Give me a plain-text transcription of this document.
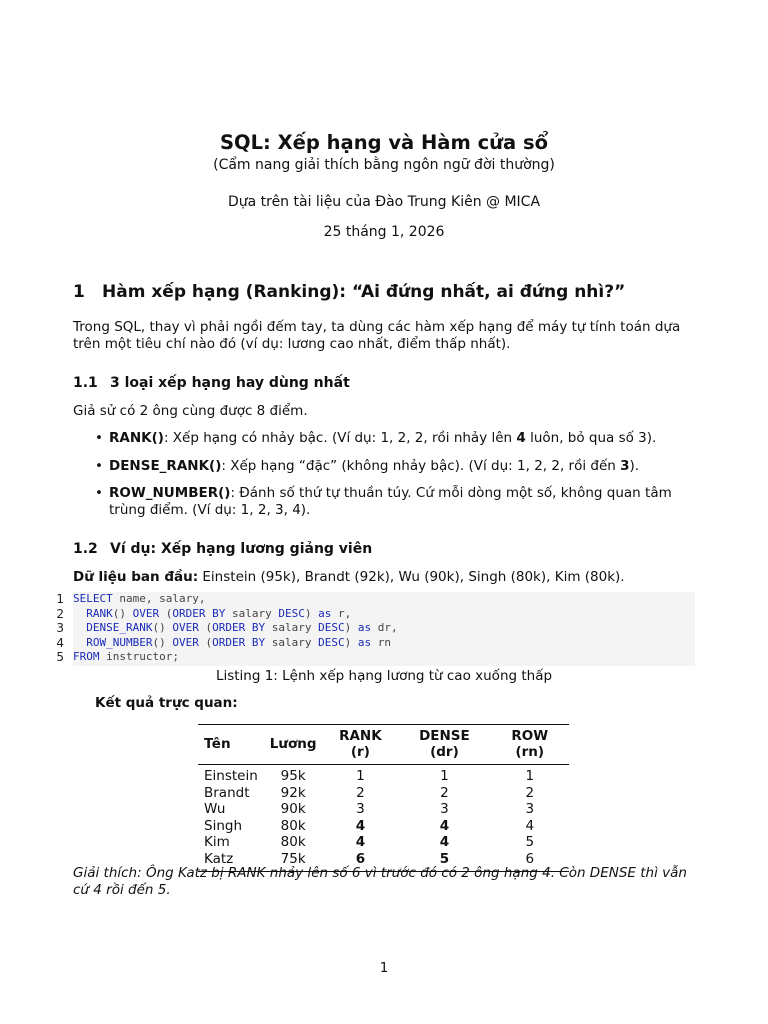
SQL: Xếp hạng và Hàm cửa sổ
(Cẩm nang giải thích bằng ngôn ngữ đời thường)
Dựa trên tài liệu của Đào Trung Kiên @ MICA
25 tháng 1, 2026
1 Hàm xếp hạng (Ranking): “Ai đứng nhất, ai đứng nhì?”
Trong SQL, thay vì phải ngồi đếm tay, ta dùng các hàm xếp hạng để máy tự tính toán dựa trên một tiêu chí nào đó (ví dụ: lương cao nhất, điểm thấp nhất).
1.1 3 loại xếp hạng hay dùng nhất
Giả sử có 2 ông cùng được 8 điểm.
• RANK(): Xếp hạng có nhảy bậc. (Ví dụ: 1, 2, 2, rồi nhảy lên 4 luôn, bỏ qua số 3).
• DENSE_RANK(): Xếp hạng “đặc” (không nhảy bậc). (Ví dụ: 1, 2, 2, rồi đến 3).
• ROW_NUMBER(): Đánh số thứ tự thuần túy. Cứ mỗi dòng một số, không quan tâm trùng điểm. (Ví dụ: 1, 2, 3, 4).
1.2 Ví dụ: Xếp hạng lương giảng viên
Dữ liệu ban đầu: Einstein (95k), Brandt (92k), Wu (90k), Singh (80k), Kim (80k).
1
2
3
4
5
SELECT name, salary,
RANK() OVER (ORDER BY salary DESC) as r,
DENSE_RANK() OVER (ORDER BY salary DESC) as dr,
ROW_NUMBER() OVER (ORDER BY salary DESC) as rn
FROM instructor;
Listing 1: Lệnh xếp hạng lương từ cao xuống thấp
Kết quả trực quan:
Tên	Lương	RANK (r)	DENSE (dr)	ROW (rn)
Einstein	95k	1	1	1
Brandt	92k	2	2	2
Wu	90k	3	3	3
Singh	80k	4	4	4
Kim	80k	4	4	5
Katz	75k	6	5	6
Giải thích: Ông Katz bị RANK nhảy lên số 6 vì trước đó có 2 ông hạng 4. Còn DENSE thì vẫn cứ 4 rồi đến 5.
1
